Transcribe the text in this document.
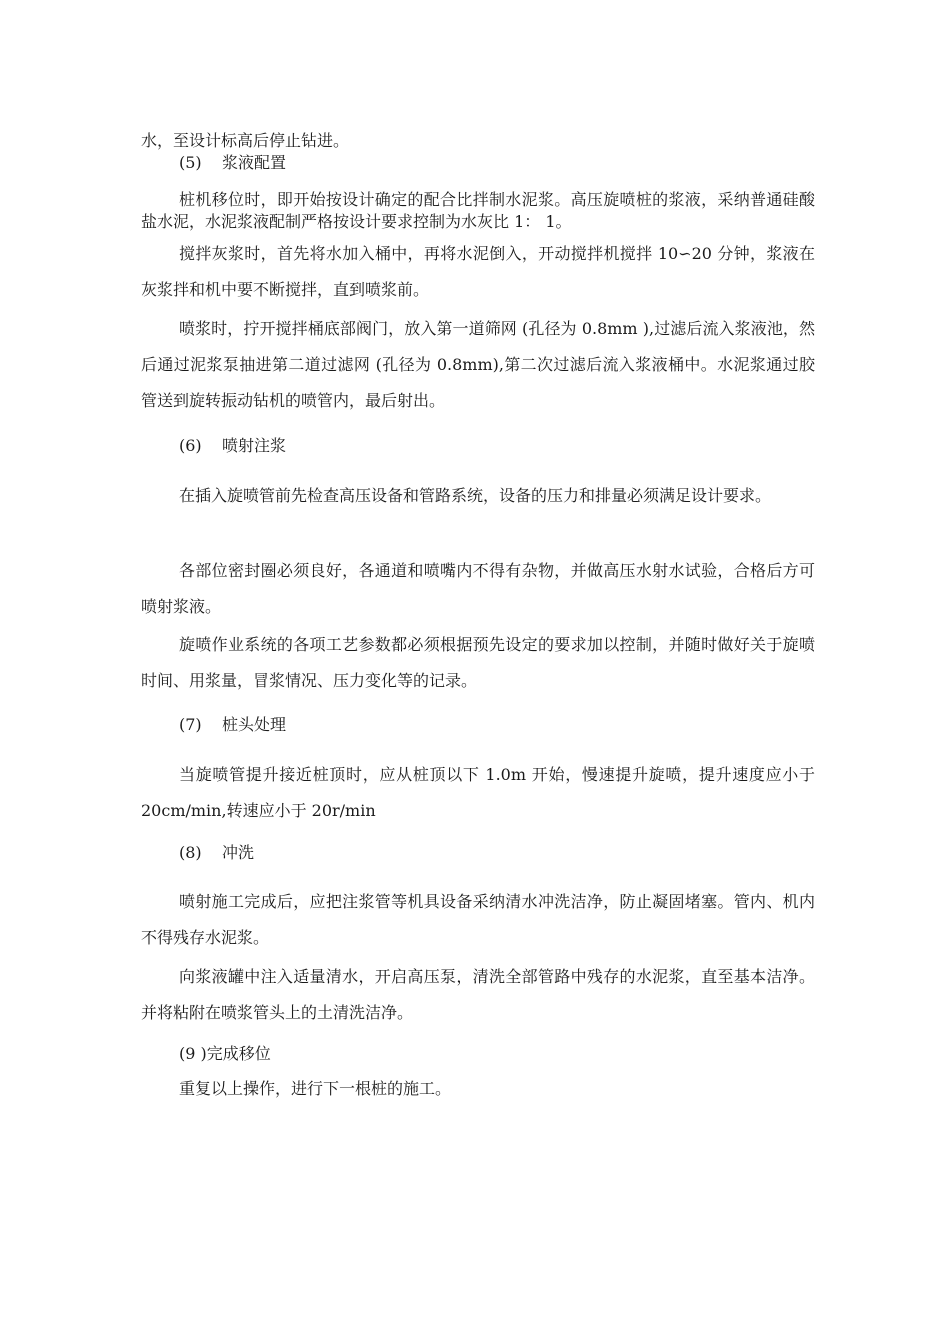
水，至设计标高后停止钻进。

(5)    浆液配置

桩机移位时，即开始按设计确定的配合比拌制水泥浆。高压旋喷桩的浆液，采纳普通硅酸盐水泥，水泥浆液配制严格按设计要求控制为水灰比 1： 1。

搅拌灰浆时，首先将水加入桶中，再将水泥倒入，开动搅拌机搅拌 10∽20 分钟，浆液在灰浆拌和机中要不断搅拌，直到喷浆前。

喷浆时，拧开搅拌桶底部阀门，放入第一道筛网 (孔径为 0.8mm ),过滤后流入浆液池，然后通过泥浆泵抽进第二道过滤网 (孔径为 0.8mm),第二次过滤后流入浆液桶中。水泥浆通过胶管送到旋转振动钻机的喷管内，最后射出。

(6)    喷射注浆

在插入旋喷管前先检查高压设备和管路系统，设备的压力和排量必须满足设计要求。

各部位密封圈必须良好，各通道和喷嘴内不得有杂物，并做高压水射水试验，合格后方可喷射浆液。

旋喷作业系统的各项工艺参数都必须根据预先设定的要求加以控制，并随时做好关于旋喷时间、用浆量，冒浆情况、压力变化等的记录。

(7)    桩头处理

当旋喷管提升接近桩顶时，应从桩顶以下 1.0m 开始，慢速提升旋喷，提升速度应小于 20cm/min,转速应小于 20r/min

(8)    冲洗

喷射施工完成后，应把注浆管等机具设备采纳清水冲洗洁净，防止凝固堵塞。管内、机内不得残存水泥浆。

向浆液罐中注入适量清水，开启高压泵，清洗全部管路中残存的水泥浆，直至基本洁净。并将粘附在喷浆管头上的土清洗洁净。

(9 )完成移位

重复以上操作，进行下一根桩的施工。
